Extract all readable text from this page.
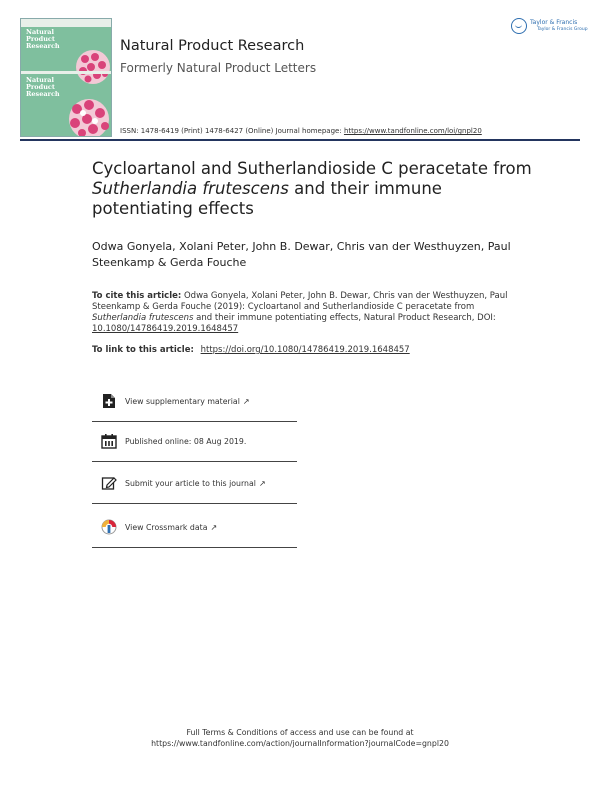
Natural
Product
Research
Natural
Product
Research
Natural Product Research
Formerly Natural Product Letters
ISSN: 1478-6419 (Print) 1478-6427 (Online) Journal homepage: https://www.tandfonline.com/loi/gnpl20
Taylor & Francis
Taylor & Francis Group
Cycloartanol and Sutherlandioside C peracetate from Sutherlandia frutescens and their immune potentiating effects
Odwa Gonyela, Xolani Peter, John B. Dewar, Chris van der Westhuyzen, Paul Steenkamp & Gerda Fouche
To cite this article: Odwa Gonyela, Xolani Peter, John B. Dewar, Chris van der Westhuyzen, Paul Steenkamp & Gerda Fouche (2019): Cycloartanol and Sutherlandioside C peracetate from Sutherlandia frutescens and their immune potentiating effects, Natural Product Research, DOI: 10.1080/14786419.2019.1648457
To link to this article: https://doi.org/10.1080/14786419.2019.1648457
View supplementary material ↗
Published online: 08 Aug 2019.
Submit your article to this journal ↗
View Crossmark data ↗
Full Terms & Conditions of access and use can be found at
https://www.tandfonline.com/action/journalInformation?journalCode=gnpl20
